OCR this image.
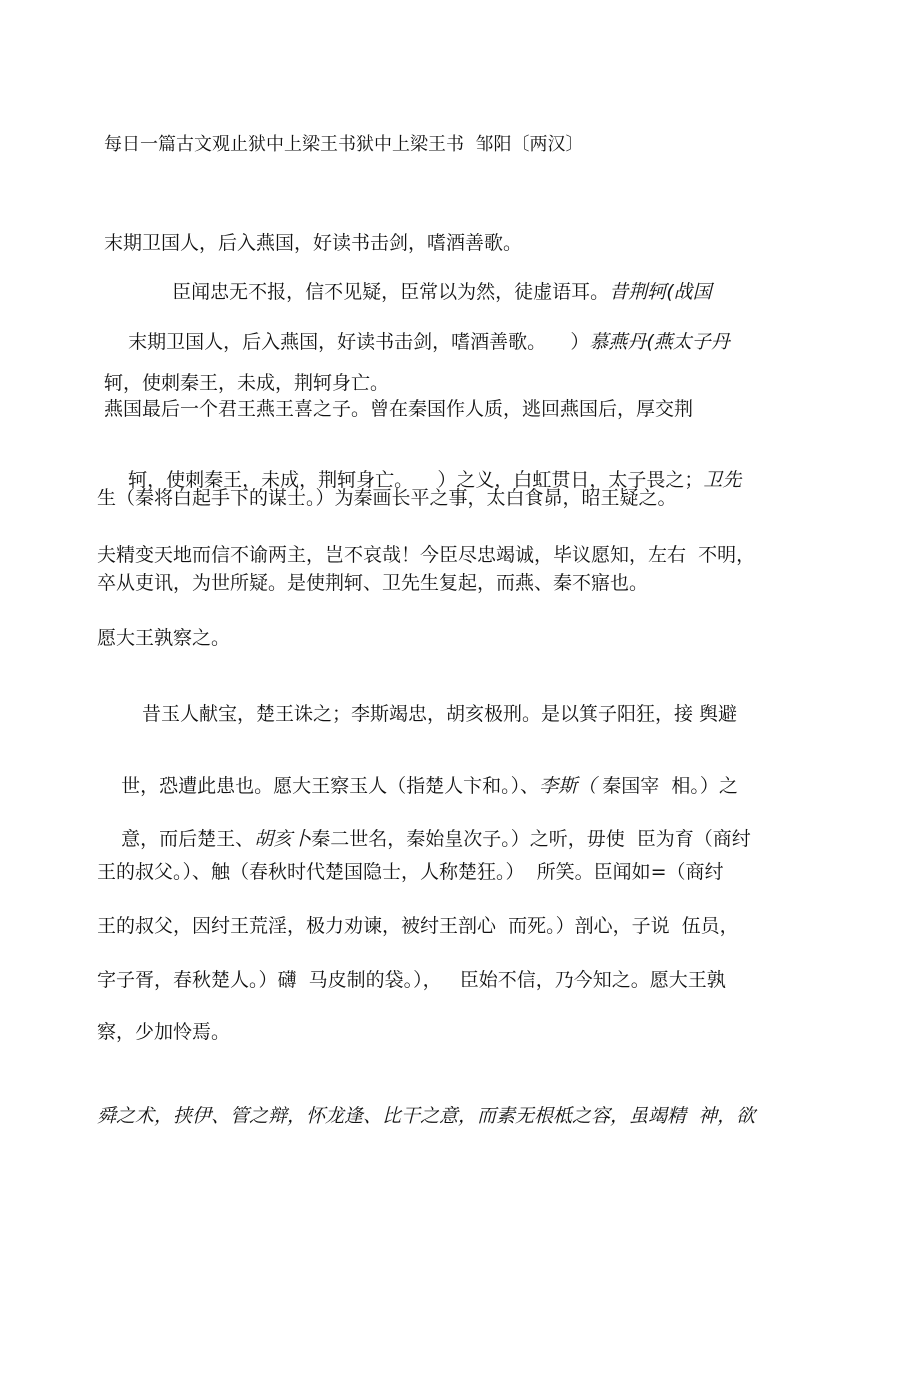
每日一篇古文观止狱中上梁王书狱中上梁王书  邹阳〔两汉〕
末期卫国人，后入燕国，好读书击剑，嗜酒善歌。

臣闻忠无不报，信不见疑，臣常以为然，徒虚语耳。昔荆轲(战国

末期卫国人，后入燕国，好读书击剑，嗜酒善歌。    ）慕燕丹(燕太子丹

轲，使刺秦王，未成，荆轲身亡。
燕国最后一个君王燕王喜之子。曾在秦国作人质，逃回燕国后，厚交荆

轲，使刺秦王，未成，荆轲身亡。    ）之义，白虹贯日，太子畏之；卫先

生（秦将白起手下的谋士。）为秦画长平之事，太白食昴，昭王疑之。
夫精变天地而信不谕两主，岂不哀哉！今臣尽忠竭诚，毕议愿知，左右  不明，
卒从吏讯，为世所疑。是使荆轲、卫先生复起，而燕、秦不寤也。
愿大王孰察之。
昔玉人献宝，楚王诛之；李斯竭忠，胡亥极刑。是以箕子阳狂，接 舆避

世，恐遭此患也。愿大王察玉人（指楚人卞和。）、李斯（ 秦国宰  相。）之

意，而后楚王、胡亥卜秦二世名，秦始皇次子。）之听，毋使  臣为育（商纣

王的叔父。）、触（春秋时代楚国隐士，人称楚狂。）  所笑。臣闻如=（商纣
王的叔父，因纣王荒淫，极力劝谏，被纣王剖心  而死。）剖心，子说  伍员，
字子胥，春秋楚人。）礴  马皮制的袋。），   臣始不信，乃今知之。愿大王孰
察，少加怜焉。
舜之术，挟伊、管之辩，怀龙逢、比干之意，而素无根柢之容，虽竭精  神，欲
